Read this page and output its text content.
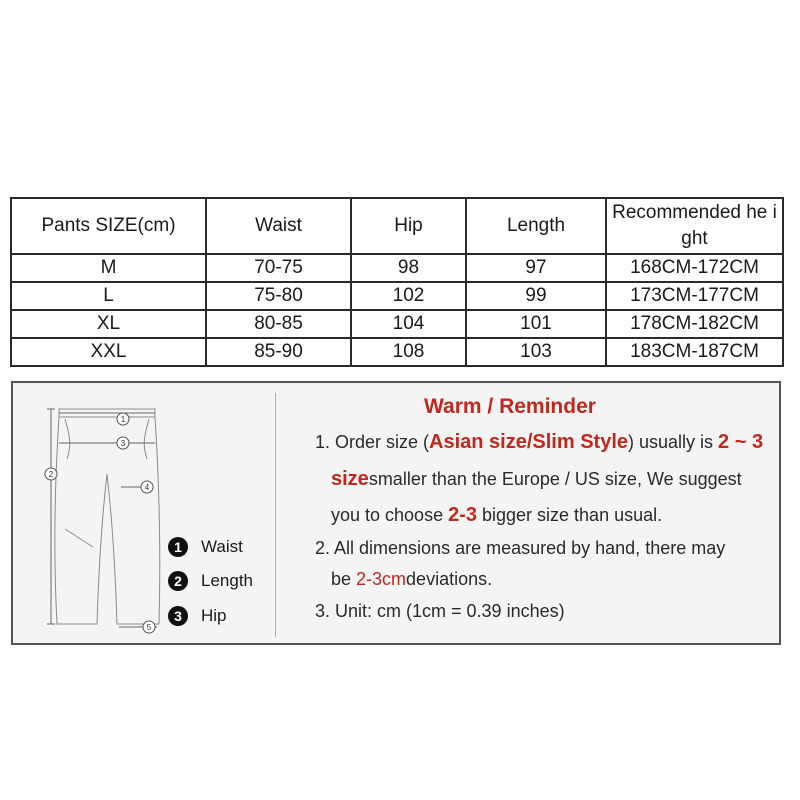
Pants SIZE(cm)	Waist	Hip	Length	Recommended he ight
M	70-75	98	97	168CM-172CM
L	75-80	102	99	173CM-177CM
XL	80-85	104	101	178CM-182CM
XXL	85-90	108	103	183CM-187CM
1
2
3
4
5
1	Waist
2	Length
3	Hip
Warm / Reminder
1. Order size (Asian size/Slim Style) usually is 2 ~ 3
sizesmaller than the Europe / US size, We suggest
you to choose 2-3 bigger size than usual.
2. All dimensions are measured by hand, there may
be 2-3cmdeviations.
3. Unit: cm (1cm = 0.39 inches)
